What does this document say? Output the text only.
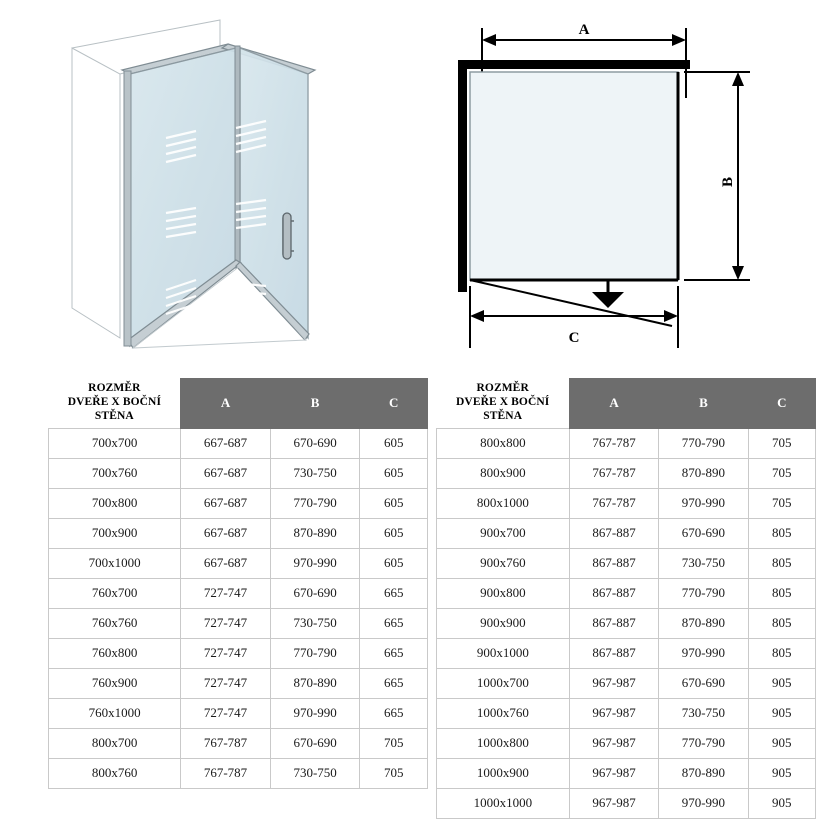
A
B
C
ROZMĚR
DVEŘE X BOČNÍ STĚNA	A	B	C
700x700	667-687	670-690	605
700x760	667-687	730-750	605
700x800	667-687	770-790	605
700x900	667-687	870-890	605
700x1000	667-687	970-990	605
760x700	727-747	670-690	665
760x760	727-747	730-750	665
760x800	727-747	770-790	665
760x900	727-747	870-890	665
760x1000	727-747	970-990	665
800x700	767-787	670-690	705
800x760	767-787	730-750	705
ROZMĚR
DVEŘE X BOČNÍ STĚNA	A	B	C
800x800	767-787	770-790	705
800x900	767-787	870-890	705
800x1000	767-787	970-990	705
900x700	867-887	670-690	805
900x760	867-887	730-750	805
900x800	867-887	770-790	805
900x900	867-887	870-890	805
900x1000	867-887	970-990	805
1000x700	967-987	670-690	905
1000x760	967-987	730-750	905
1000x800	967-987	770-790	905
1000x900	967-987	870-890	905
1000x1000	967-987	970-990	905
